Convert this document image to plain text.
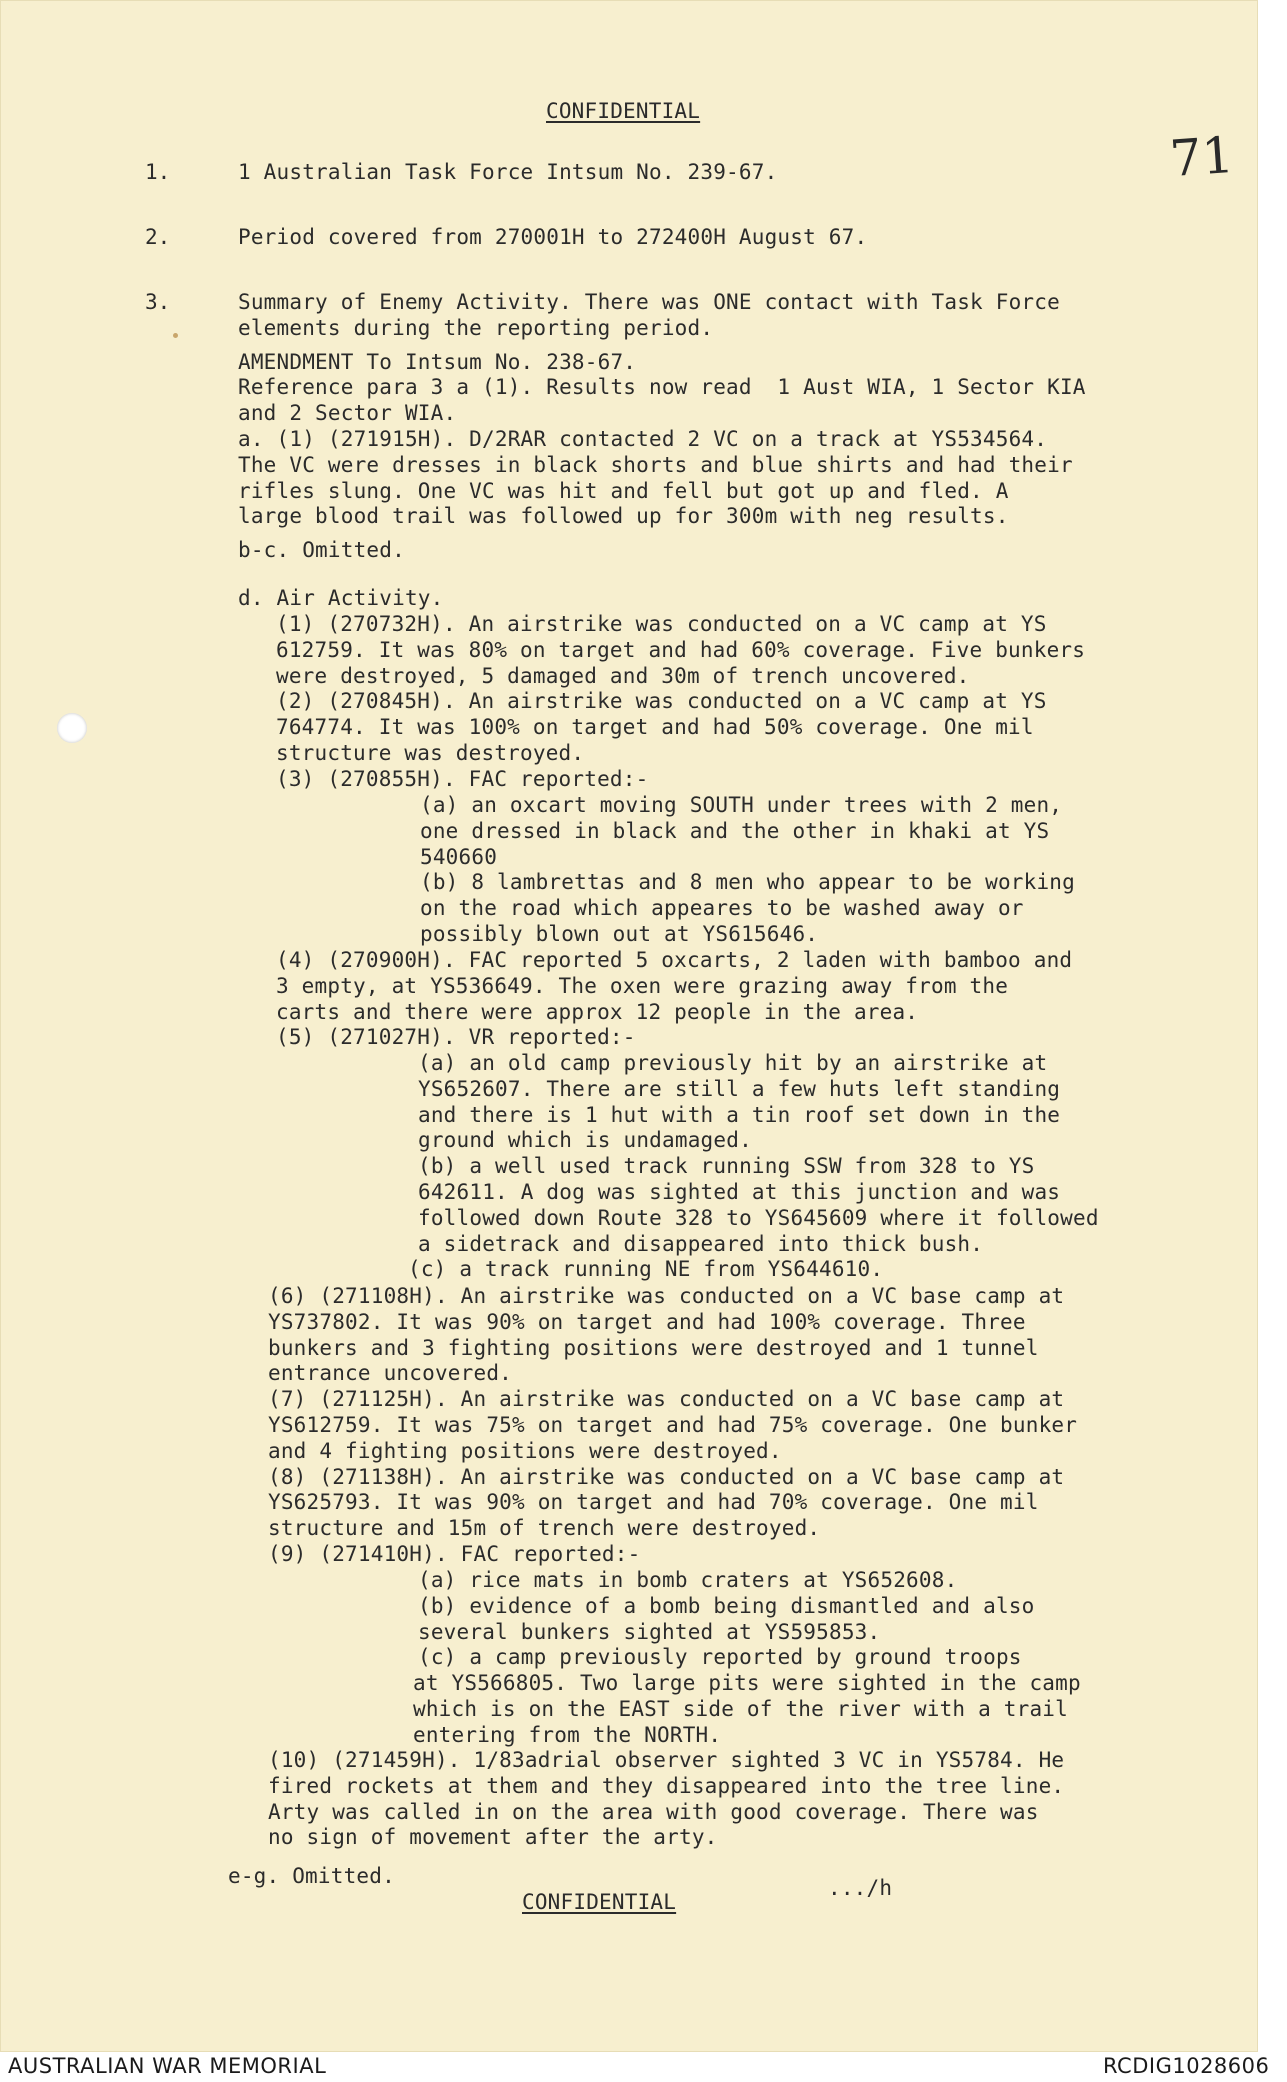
CONFIDENTIAL
71
1.	1 Australian Task Force Intsum No. 239-67.
2.	Period covered from 270001H to 272400H August 67.
3.	Summary of Enemy Activity. There was ONE contact with Task Force
elements during the reporting period.
AMENDMENT To Intsum No. 238-67.
Reference para 3 a (1). Results now read  1 Aust WIA, 1 Sector KIA
and 2 Sector WIA.
a. (1) (271915H). D/2RAR contacted 2 VC on a track at YS534564.
The VC were dresses in black shorts and blue shirts and had their
rifles slung. One VC was hit and fell but got up and fled. A
large blood trail was followed up for 300m with neg results.
b-c. Omitted.
d. Air Activity.
(1) (270732H). An airstrike was conducted on a VC camp at YS
612759. It was 80% on target and had 60% coverage. Five bunkers
were destroyed, 5 damaged and 30m of trench uncovered.
(2) (270845H). An airstrike was conducted on a VC camp at YS
764774. It was 100% on target and had 50% coverage. One mil
structure was destroyed.
(3) (270855H). FAC reported:-
(a) an oxcart moving SOUTH under trees with 2 men,
one dressed in black and the other in khaki at YS
540660
(b) 8 lambrettas and 8 men who appear to be working
on the road which appeares to be washed away or
possibly blown out at YS615646.
(4) (270900H). FAC reported 5 oxcarts, 2 laden with bamboo and
3 empty, at YS536649. The oxen were grazing away from the
carts and there were approx 12 people in the area.
(5) (271027H). VR reported:-
(a) an old camp previously hit by an airstrike at
YS652607. There are still a few huts left standing
and there is 1 hut with a tin roof set down in the
ground which is undamaged.
(b) a well used track running SSW from 328 to YS
642611. A dog was sighted at this junction and was
followed down Route 328 to YS645609 where it followed
a sidetrack and disappeared into thick bush.
(c) a track running NE from YS644610.
(6) (271108H). An airstrike was conducted on a VC base camp at
YS737802. It was 90% on target and had 100% coverage. Three
bunkers and 3 fighting positions were destroyed and 1 tunnel
entrance uncovered.
(7) (271125H). An airstrike was conducted on a VC base camp at
YS612759. It was 75% on target and had 75% coverage. One bunker
and 4 fighting positions were destroyed.
(8) (271138H). An airstrike was conducted on a VC base camp at
YS625793. It was 90% on target and had 70% coverage. One mil
structure and 15m of trench were destroyed.
(9) (271410H). FAC reported:-
(a) rice mats in bomb craters at YS652608.
(b) evidence of a bomb being dismantled and also
several bunkers sighted at YS595853.
(c) a camp previously reported by ground troops
at YS566805. Two large pits were sighted in the camp
which is on the EAST side of the river with a trail
entering from the NORTH.
(10) (271459H). 1/83adrial observer sighted 3 VC in YS5784. He
fired rockets at them and they disappeared into the tree line.
Arty was called in on the area with good coverage. There was
no sign of movement after the arty.
e-g. Omitted.
CONFIDENTIAL
.../h
AUSTRALIAN WAR MEMORIAL	RCDIG1028606
